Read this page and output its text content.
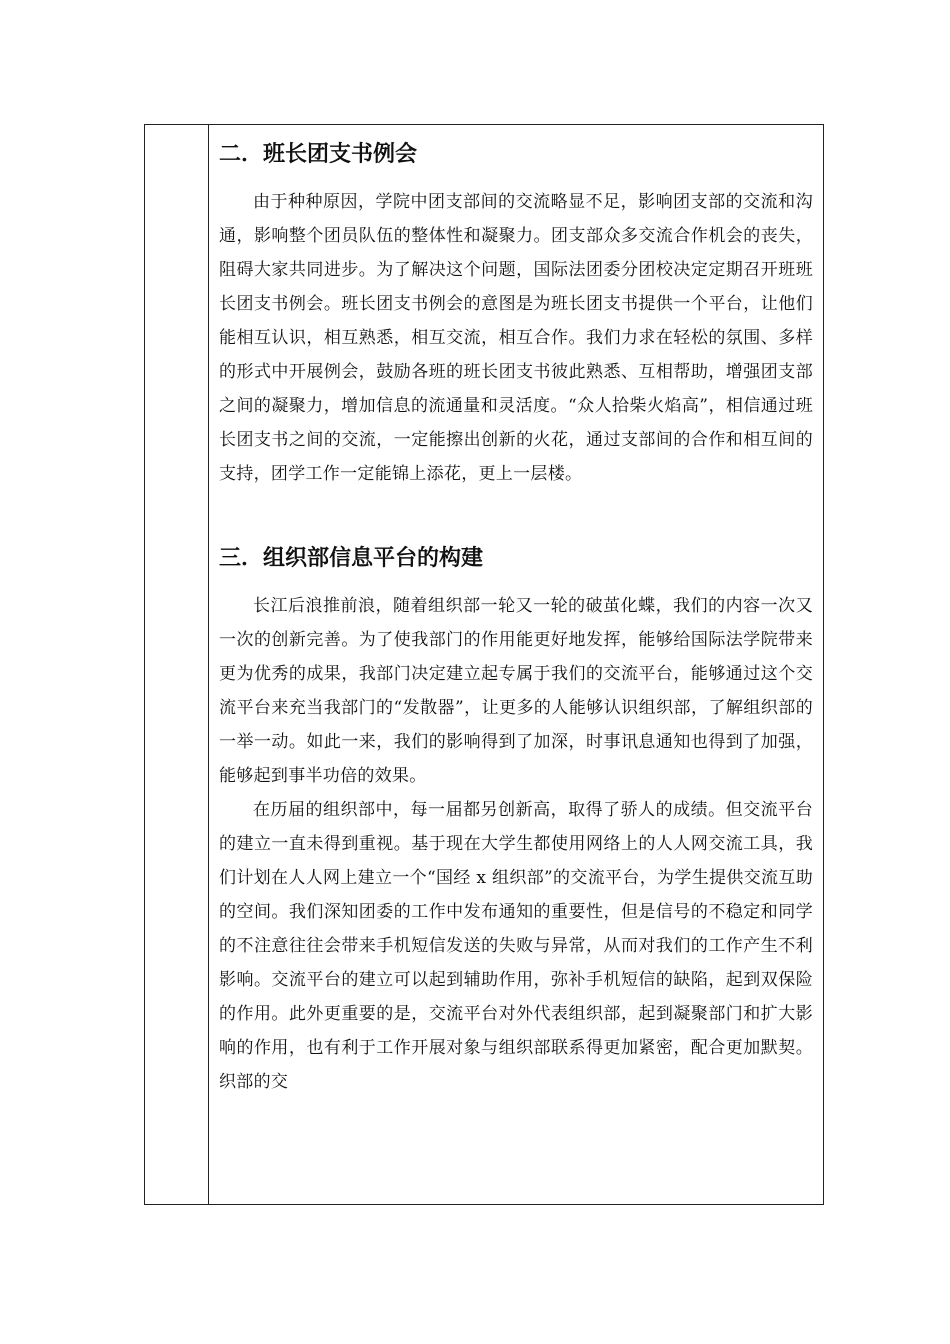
二．班长团支书例会

由于种种原因，学院中团支部间的交流略显不足，影响团支部的交流和沟通，影响整个团员队伍的整体性和凝聚力。团支部众多交流合作机会的丧失，阻碍大家共同进步。为了解决这个问题，国际法团委分团校决定定期召开班班长团支书例会。班长团支书例会的意图是为班长团支书提供一个平台，让他们能相互认识，相互熟悉，相互交流，相互合作。我们力求在轻松的氛围、多样的形式中开展例会，鼓励各班的班长团支书彼此熟悉、互相帮助，增强团支部之间的凝聚力，增加信息的流通量和灵活度。“众人拾柴火焰高”，相信通过班长团支书之间的交流，一定能擦出创新的火花，通过支部间的合作和相互间的支持，团学工作一定能锦上添花，更上一层楼。

三．组织部信息平台的构建

长江后浪推前浪，随着组织部一轮又一轮的破茧化蝶，我们的内容一次又一次的创新完善。为了使我部门的作用能更好地发挥，能够给国际法学院带来更为优秀的成果，我部门决定建立起专属于我们的交流平台，能够通过这个交流平台来充当我部门的“发散器”，让更多的人能够认识组织部，了解组织部的一举一动。如此一来，我们的影响得到了加深，时事讯息通知也得到了加强，能够起到事半功倍的效果。

在历届的组织部中，每一届都另创新高，取得了骄人的成绩。但交流平台的建立一直未得到重视。基于现在大学生都使用网络上的人人网交流工具，我们计划在人人网上建立一个“国经 x 组织部”的交流平台，为学生提供交流互助的空间。我们深知团委的工作中发布通知的重要性，但是信号的不稳定和同学的不注意往往会带来手机短信发送的失败与异常，从而对我们的工作产生不利影响。交流平台的建立可以起到辅助作用，弥补手机短信的缺陷，起到双保险的作用。此外更重要的是，交流平台对外代表组织部，起到凝聚部门和扩大影响的作用，也有利于工作开展对象与组织部联系得更加紧密，配合更加默契。织部的交
